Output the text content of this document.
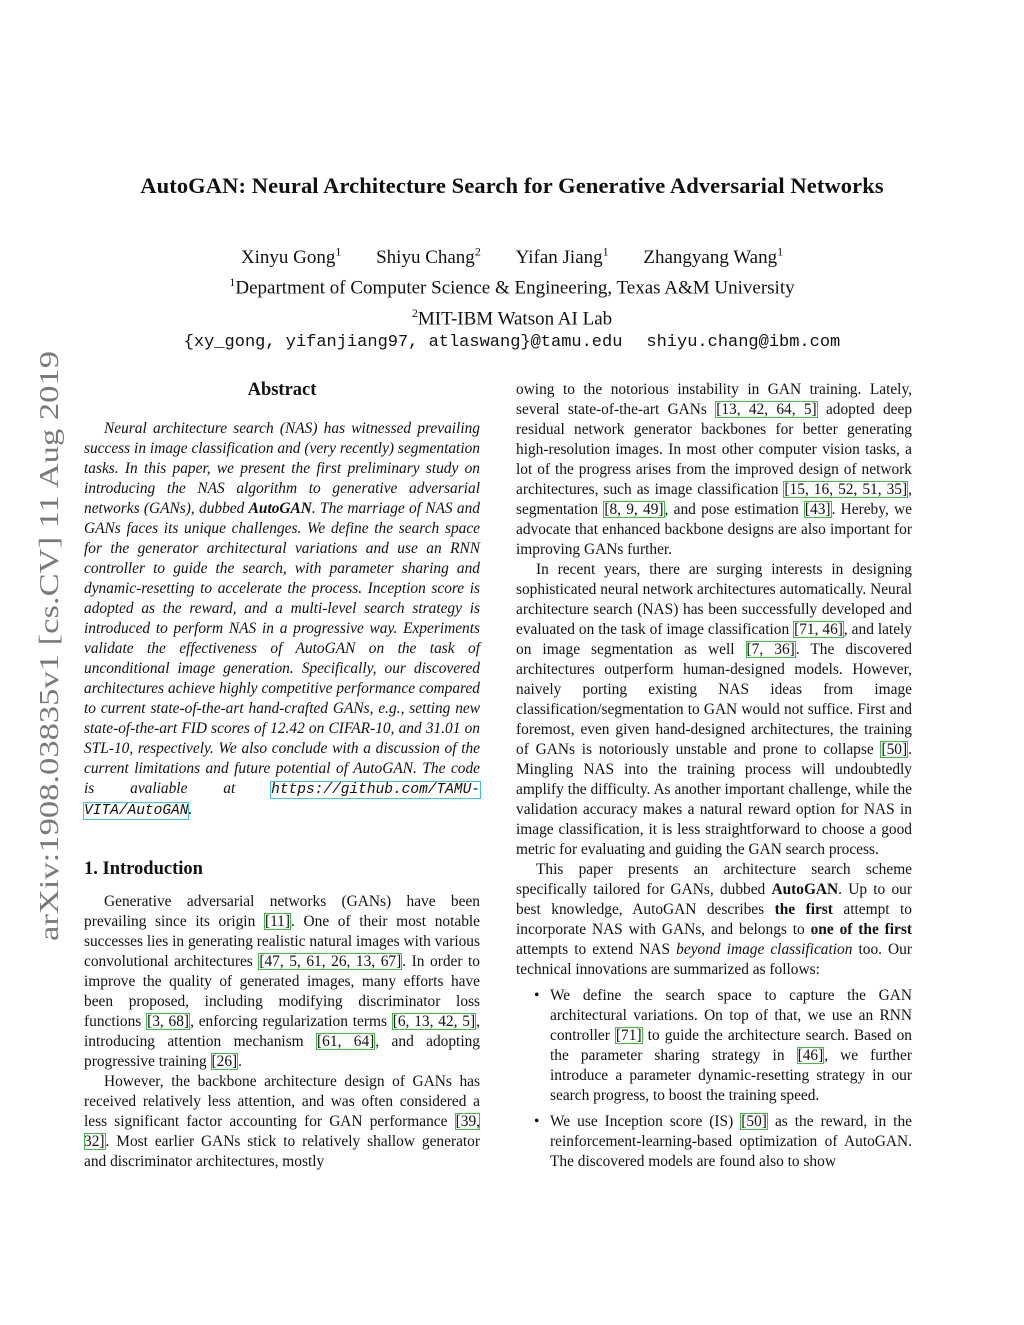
arXiv:1908.03835v1 [cs.CV] 11 Aug 2019
AutoGAN: Neural Architecture Search for Generative Adversarial Networks
Xinyu Gong$^1$ Shiyu Chang$^2$ Yifan Jiang$^1$ Zhangyang Wang$^1$
$^1$Department of Computer Science & Engineering, Texas A&M University
$^2$MIT-IBM Watson AI Lab
{xy_gong, yifanjiang97, atlaswang}@tamu.edu shiyu.chang@ibm.com
Abstract

Neural architecture search (NAS) has witnessed prevailing success in image classification and (very recently) segmentation tasks. In this paper, we present the first preliminary study on introducing the NAS algorithm to generative adversarial networks (GANs), dubbed AutoGAN. The marriage of NAS and GANs faces its unique challenges. We define the search space for the generator architectural variations and use an RNN controller to guide the search, with parameter sharing and dynamic-resetting to accelerate the process. Inception score is adopted as the reward, and a multi-level search strategy is introduced to perform NAS in a progressive way. Experiments validate the effectiveness of AutoGAN on the task of unconditional image generation. Specifically, our discovered architectures achieve highly competitive performance compared to current state-of-the-art hand-crafted GANs, e.g., setting new state-of-the-art FID scores of 12.42 on CIFAR-10, and 31.01 on STL-10, respectively. We also conclude with a discussion of the current limitations and future potential of AutoGAN. The code is avaliable at https://github.com/TAMU-VITA/AutoGAN.

1. Introduction

Generative adversarial networks (GANs) have been prevailing since its origin [11]. One of their most notable successes lies in generating realistic natural images with various convolutional architectures [47, 5, 61, 26, 13, 67]. In order to improve the quality of generated images, many efforts have been proposed, including modifying discriminator loss functions [3, 68], enforcing regularization terms [6, 13, 42, 5], introducing attention mechanism [61, 64], and adopting progressive training [26].

However, the backbone architecture design of GANs has received relatively less attention, and was often considered a less significant factor accounting for GAN performance [39, 32]. Most earlier GANs stick to relatively shallow generator and discriminator architectures, mostly

owing to the notorious instability in GAN training. Lately, several state-of-the-art GANs [13, 42, 64, 5] adopted deep residual network generator backbones for better generating high-resolution images. In most other computer vision tasks, a lot of the progress arises from the improved design of network architectures, such as image classification [15, 16, 52, 51, 35], segmentation [8, 9, 49], and pose estimation [43]. Hereby, we advocate that enhanced backbone designs are also important for improving GANs further.

In recent years, there are surging interests in designing sophisticated neural network architectures automatically. Neural architecture search (NAS) has been successfully developed and evaluated on the task of image classification [71, 46], and lately on image segmentation as well [7, 36]. The discovered architectures outperform human-designed models. However, naively porting existing NAS ideas from image classification/segmentation to GAN would not suffice. First and foremost, even given hand-designed architectures, the training of GANs is notoriously unstable and prone to collapse [50]. Mingling NAS into the training process will undoubtedly amplify the difficulty. As another important challenge, while the validation accuracy makes a natural reward option for NAS in image classification, it is less straightforward to choose a good metric for evaluating and guiding the GAN search process.

This paper presents an architecture search scheme specifically tailored for GANs, dubbed AutoGAN. Up to our best knowledge, AutoGAN describes the first attempt to incorporate NAS with GANs, and belongs to one of the first attempts to extend NAS beyond image classification too. Our technical innovations are summarized as follows:

• We define the search space to capture the GAN architectural variations. On top of that, we use an RNN controller [71] to guide the architecture search. Based on the parameter sharing strategy in [46], we further introduce a parameter dynamic-resetting strategy in our search progress, to boost the training speed.
• We use Inception score (IS) [50] as the reward, in the reinforcement-learning-based optimization of AutoGAN. The discovered models are found also to show
